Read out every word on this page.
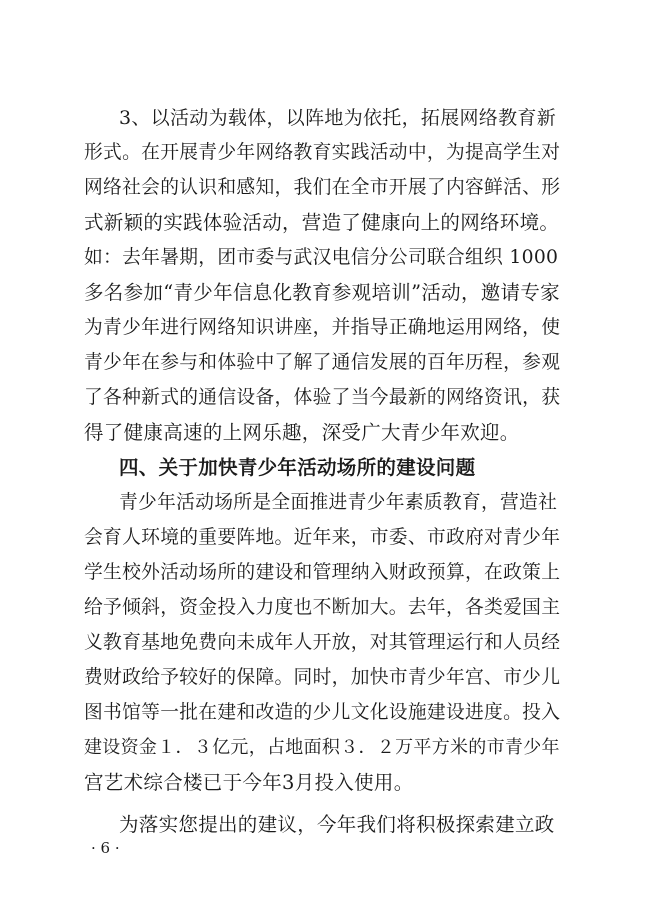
3、以活动为载体，以阵地为依托，拓展网络教育新
形式。在开展青少年网络教育实践活动中，为提高学生对
网络社会的认识和感知，我们在全市开展了内容鲜活、形
式新颖的实践体验活动，营造了健康向上的网络环境。
如：去年暑期，团市委与武汉电信分公司联合组织 1000
多名参加“青少年信息化教育参观培训”活动，邀请专家
为青少年进行网络知识讲座，并指导正确地运用网络，使
青少年在参与和体验中了解了通信发展的百年历程，参观
了各种新式的通信设备，体验了当今最新的网络资讯，获
得了健康高速的上网乐趣，深受广大青少年欢迎。
四、关于加快青少年活动场所的建设问题
青少年活动场所是全面推进青少年素质教育，营造社
会育人环境的重要阵地。近年来，市委、市政府对青少年
学生校外活动场所的建设和管理纳入财政预算，在政策上
给予倾斜，资金投入力度也不断加大。去年，各类爱国主
义教育基地免费向未成年人开放，对其管理运行和人员经
费财政给予较好的保障。同时，加快市青少年宫、市少儿
图书馆等一批在建和改造的少儿文化设施建设进度。投入
建设资金１．３亿元，占地面积３．２万平方米的市青少年
宫艺术综合楼已于今年3月投入使用。
为落实您提出的建议，今年我们将积极探索建立政
· 6 ·
